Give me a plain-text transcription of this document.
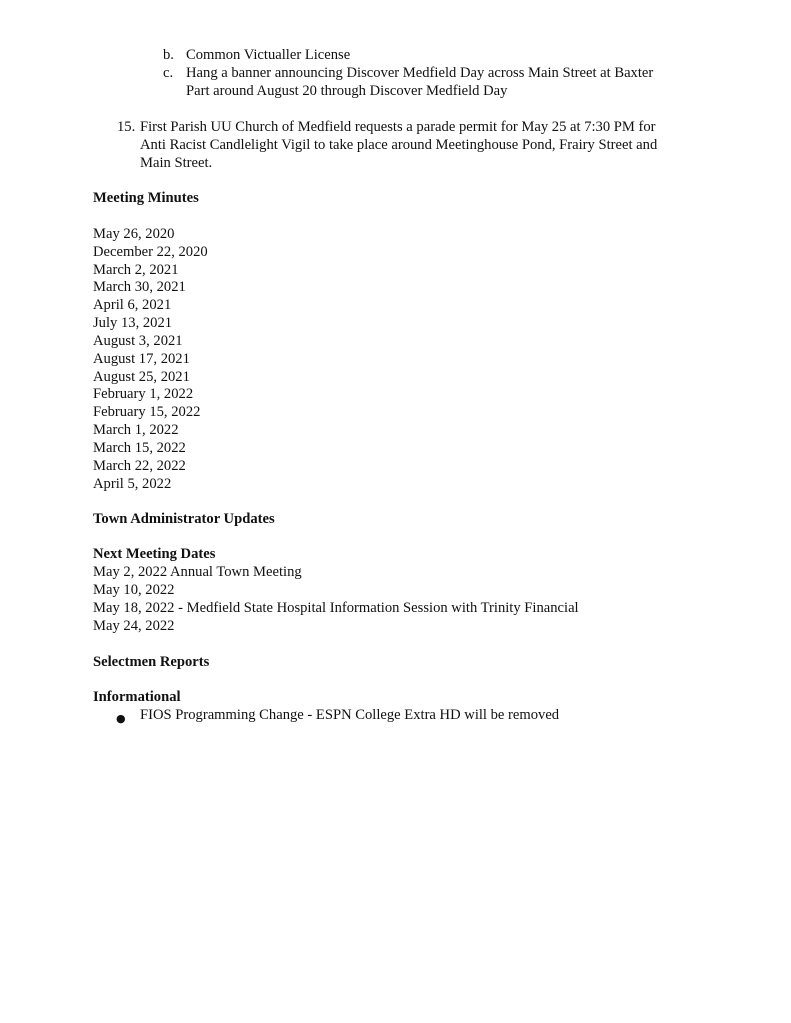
b. Common Victualler License
c. Hang a banner announcing Discover Medfield Day across Main Street at Baxter
Part around August 20 through Discover Medfield Day
15. First Parish UU Church of Medfield requests a parade permit for May 25 at 7:30 PM for
Anti Racist Candlelight Vigil to take place around Meetinghouse Pond, Frairy Street and
Main Street.
Meeting Minutes
May 26, 2020
December 22, 2020
March 2, 2021
March 30, 2021
April 6, 2021
July 13, 2021
August 3, 2021
August 17, 2021
August 25, 2021
February 1, 2022
February 15, 2022
March 1, 2022
March 15, 2022
March 22, 2022
April 5, 2022
Town Administrator Updates
Next Meeting Dates
May 2, 2022 Annual Town Meeting
May 10, 2022
May 18, 2022 - Medfield State Hospital Information Session with Trinity Financial
May 24, 2022
Selectmen Reports
Informational
● FIOS Programming Change - ESPN College Extra HD will be removed
